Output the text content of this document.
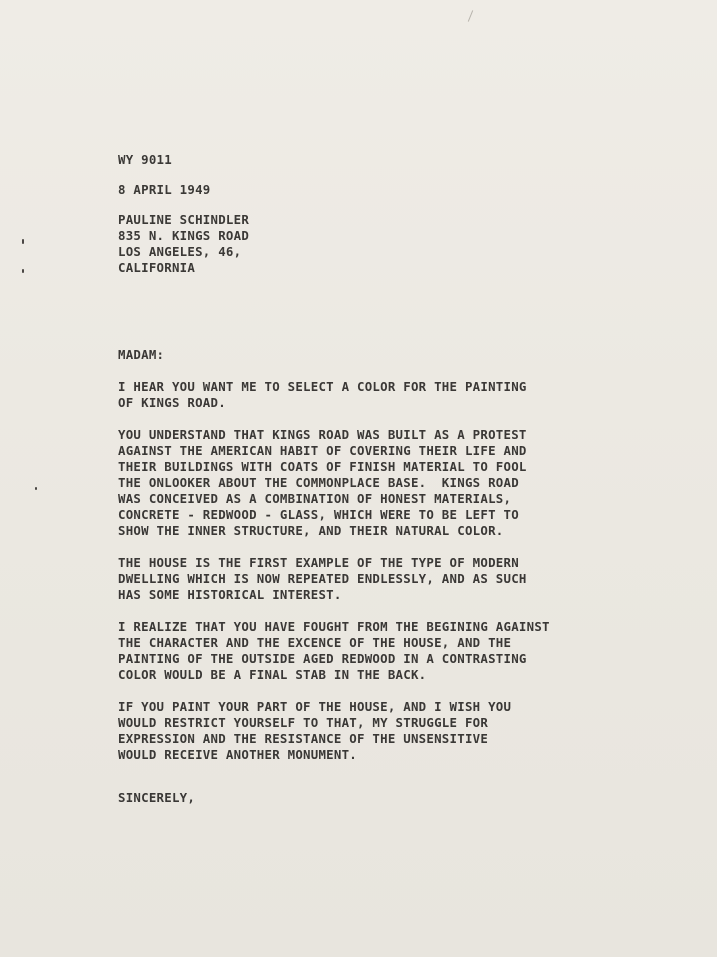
WY 9011
8 APRIL 1949
PAULINE SCHINDLER
835 N. KINGS ROAD
LOS ANGELES, 46,
CALIFORNIA
MADAM:
I HEAR YOU WANT ME TO SELECT A COLOR FOR THE PAINTING
OF KINGS ROAD.
YOU UNDERSTAND THAT KINGS ROAD WAS BUILT AS A PROTEST
AGAINST THE AMERICAN HABIT OF COVERING THEIR LIFE AND
THEIR BUILDINGS WITH COATS OF FINISH MATERIAL TO FOOL
THE ONLOOKER ABOUT THE COMMONPLACE BASE.  KINGS ROAD
WAS CONCEIVED AS A COMBINATION OF HONEST MATERIALS,
CONCRETE - REDWOOD - GLASS, WHICH WERE TO BE LEFT TO
SHOW THE INNER STRUCTURE, AND THEIR NATURAL COLOR.
THE HOUSE IS THE FIRST EXAMPLE OF THE TYPE OF MODERN
DWELLING WHICH IS NOW REPEATED ENDLESSLY, AND AS SUCH
HAS SOME HISTORICAL INTEREST.
I REALIZE THAT YOU HAVE FOUGHT FROM THE BEGINING AGAINST
THE CHARACTER AND THE EXCENCE OF THE HOUSE, AND THE
PAINTING OF THE OUTSIDE AGED REDWOOD IN A CONTRASTING
COLOR WOULD BE A FINAL STAB IN THE BACK.
IF YOU PAINT YOUR PART OF THE HOUSE, AND I WISH YOU
WOULD RESTRICT YOURSELF TO THAT, MY STRUGGLE FOR
EXPRESSION AND THE RESISTANCE OF THE UNSENSITIVE
WOULD RECEIVE ANOTHER MONUMENT.
SINCERELY,
